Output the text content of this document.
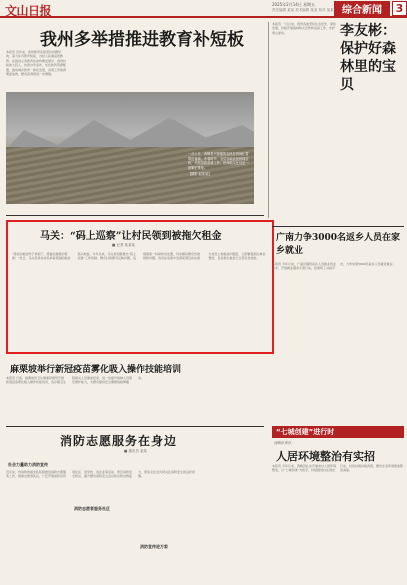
文山日报	2025年2月14日 星期五
责任编辑 某某 美术编辑 某某 校对 某某 综合新闻	3
我州多举措推进教育补短板
本报讯 近年来，我州教育系统坚持问题导向，着力补齐教育短板，办好人民满意的教育。在推进义务教育优质均衡发展中，我州持续加大投入，改善办学条件，优化教育资源配置，推动城乡教育一体化发展，各项工作取得明显成效，群众获得感进一步增强。
一月十日，西畴县兴街镇的农民在田间忙着犁田备耕。冬春时节，全县各地农民抢抓农时，开展春耕备耕工作，田间地头处处是一派繁忙景象。
【摄影 赵某某】
马关：“码上巡察”让村民领到被拖欠租金
■ 记者 某某某
“我家的租金终于拿到了，感谢巡察组的帮助！”近日，马关县某村村民拿着领到的租金高兴地说。今年以来，马关县创新推出“码上巡察”工作机制，群众扫码即可反映问题，巡察组第一时间核实处置，切实解决群众急难愁盼问题。该县在巡察中发现某项目存在拖欠村民土地租金问题后，立即督促相关单位整改，目前拖欠租金已全部兑付到位。
麻栗坡举行新冠疫苗雾化吸入操作技能培训
本报讯 日前，麻栗坡县卫生健康局组织开展新冠疫苗雾化吸入操作技能培训，各乡镇卫生院相关人员参加培训，进一步提升接种人员规范操作能力，为群众提供安全便捷的接种服务。
消防志愿服务在身边
■ 通讯员 某某
社会力量助力消防宣传
近年来，州消防救援支队积极推进消防志愿服务工作，组建志愿者队伍，广泛开展消防宣传进社区、进学校、进企业等活动，普及消防安全知识，提升群众消防安全意识和自防自救能力，营造全社会共同关注消防安全的良好氛围。
消防志愿者服务社区
消防宣传进万家
本报讯 一月以来，我州各地坚持生态优先、绿色发展，持续开展森林防火宣传和巡查工作，守护青山绿水。	李友彬：保护好森林里的宝贝
广南力争3000名返乡人员在家乡就业
本报讯 今年以来，广南县围绕返乡人员就业创业需求，开展就业服务专项行动，搭建用工对接平台，力争实现3000名返乡人员就近就业。
“七城创建”进行时
西畴讯审讯：
人居环境整治有实招
本报讯 今年以来，西畴县扎实开展农村人居环境整治，以“七城创建”为抓手，持续推进村庄清洁行动，村容村貌持续改善，群众生活环境更加整洁美丽。
